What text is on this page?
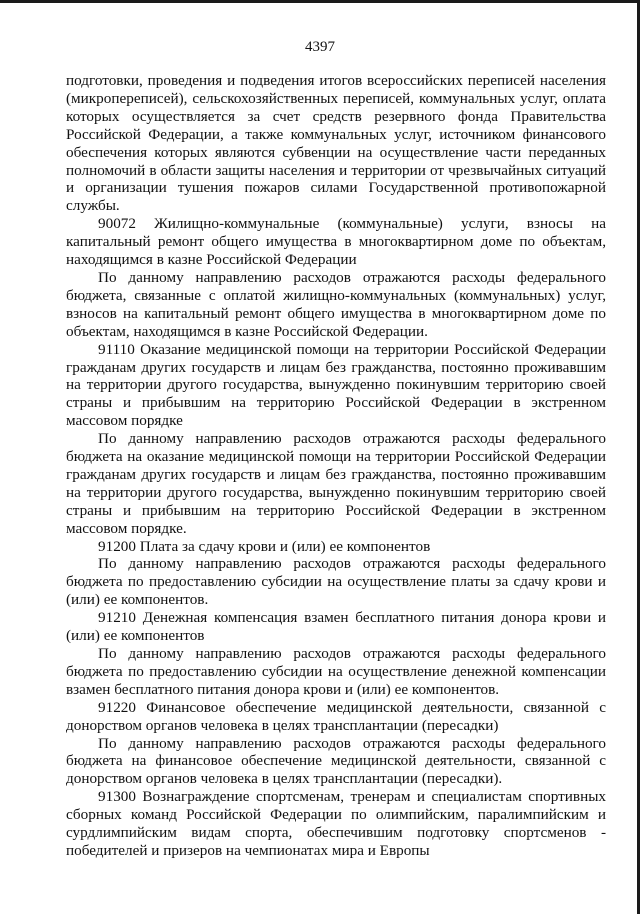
4397

подготовки, проведения и подведения итогов всероссийских переписей населения (микропереписей), сельскохозяйственных переписей, коммунальных услуг, оплата которых осуществляется за счет средств резервного фонда Правительства Российской Федерации, а также коммунальных услуг, источником финансового обеспечения которых являются субвенции на осуществление части переданных полномочий в области защиты населения и территории от чрезвычайных ситуаций и организации тушения пожаров силами Государственной противопожарной службы.

90072 Жилищно-коммунальные (коммунальные) услуги, взносы на капитальный ремонт общего имущества в многоквартирном доме по объектам, находящимся в казне Российской Федерации

По данному направлению расходов отражаются расходы федерального бюджета, связанные с оплатой жилищно-коммунальных (коммунальных) услуг, взносов на капитальный ремонт общего имущества в многоквартирном доме по объектам, находящимся в казне Российской Федерации.

91110 Оказание медицинской помощи на территории Российской Федерации гражданам других государств и лицам без гражданства, постоянно проживавшим на территории другого государства, вынужденно покинувшим территорию своей страны и прибывшим на территорию Российской Федерации в экстренном массовом порядке

По данному направлению расходов отражаются расходы федерального бюджета на оказание медицинской помощи на территории Российской Федерации гражданам других государств и лицам без гражданства, постоянно проживавшим на территории другого государства, вынужденно покинувшим территорию своей страны и прибывшим на территорию Российской Федерации в экстренном массовом порядке.

91200 Плата за сдачу крови и (или) ее компонентов

По данному направлению расходов отражаются расходы федерального бюджета по предоставлению субсидии на осуществление платы за сдачу крови и (или) ее компонентов.

91210 Денежная компенсация взамен бесплатного питания донора крови и (или) ее компонентов

По данному направлению расходов отражаются расходы федерального бюджета по предоставлению субсидии на осуществление денежной компенсации взамен бесплатного питания донора крови и (или) ее компонентов.

91220 Финансовое обеспечение медицинской деятельности, связанной с донорством органов человека в целях трансплантации (пересадки)

По данному направлению расходов отражаются расходы федерального бюджета на финансовое обеспечение медицинской деятельности, связанной с донорством органов человека в целях трансплантации (пересадки).

91300 Вознаграждение спортсменам, тренерам и специалистам спортивных сборных команд Российской Федерации по олимпийским, паралимпийским и сурдлимпийским видам спорта, обеспечившим подготовку спортсменов - победителей и призеров на чемпионатах мира и Европы
